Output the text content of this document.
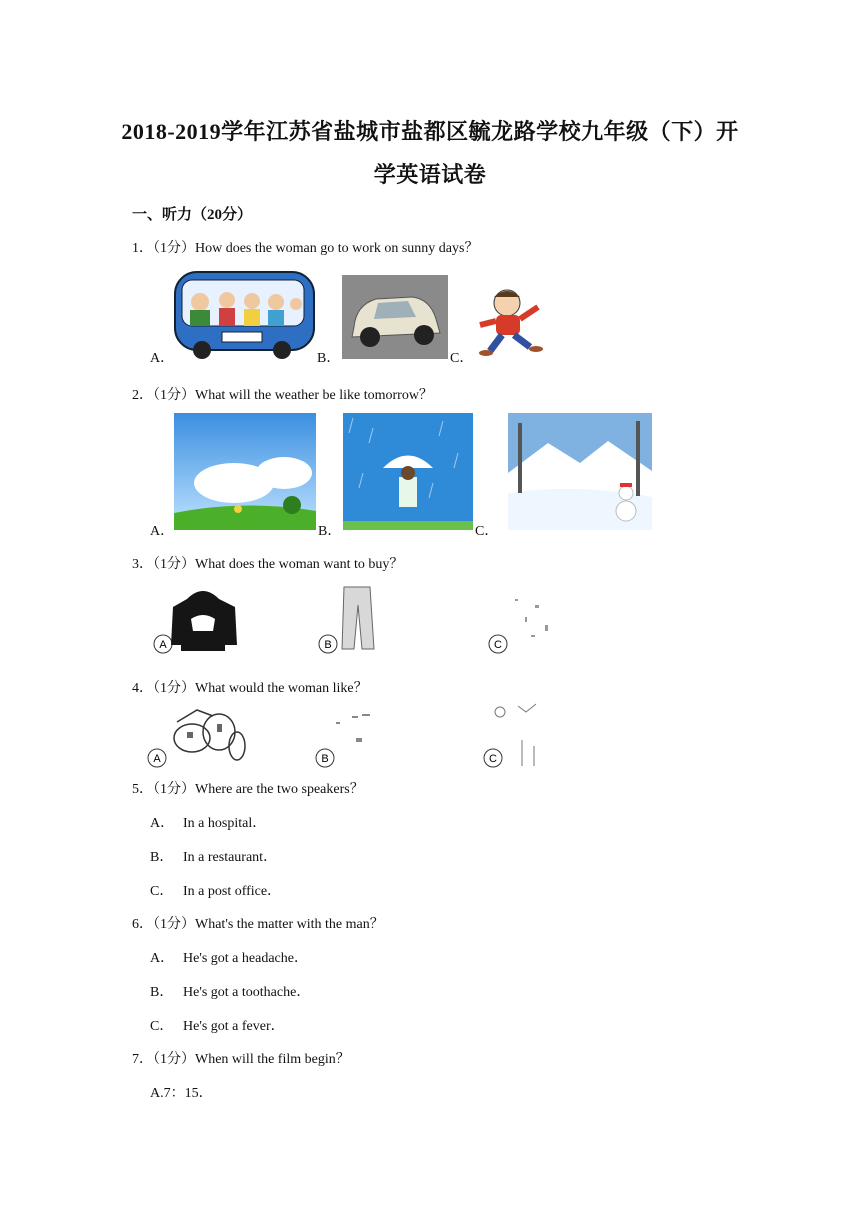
2018-2019学年江苏省盐城市盐都区毓龙路学校九年级（下）开
学英语试卷
一、听力（20分）
1．（1分）How does the woman go to work on sunny days？
A．	B．	C．
2．（1分）What will the weather be like tomorrow？
A．	B．	C．
3．（1分）What does the woman want to buy？
A	B	C
4．（1分）What would the woman like？
A	B	C
5．（1分）Where are the two speakers？
A． In a hospital．
B． In a restaurant．
C． In a post office．
6．（1分）What's the matter with the man？
A． He's got a headache．
B． He's got a toothache．
C． He's got a fever．
7．（1分）When will the film begin？
A.7：15．
